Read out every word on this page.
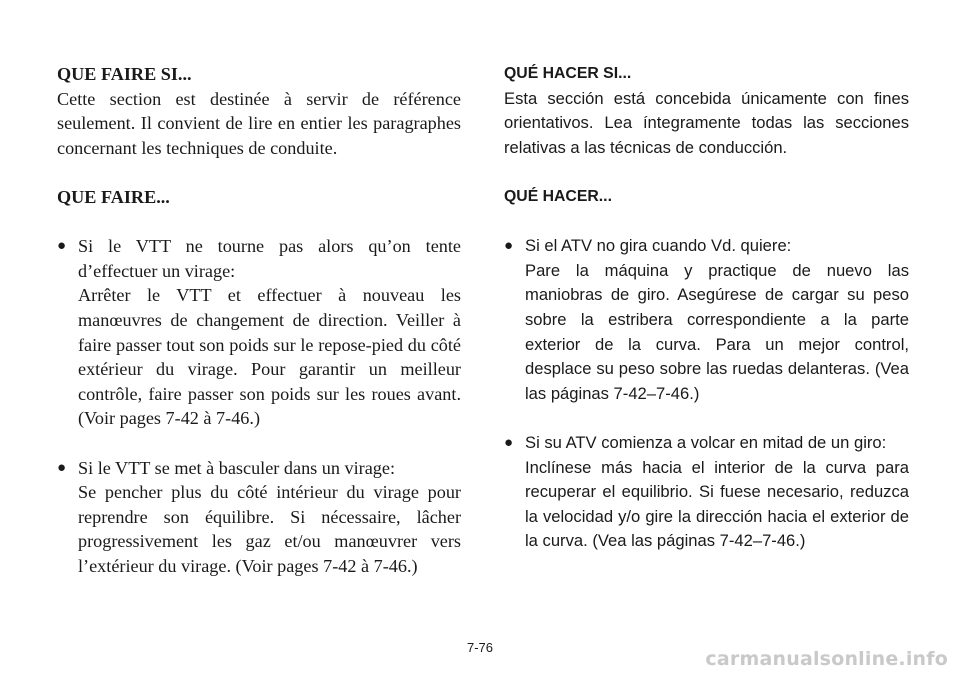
QUE FAIRE SI...

Cette section est destinée à servir de référence seulement. Il convient de lire en entier les paragraphes concernant les techniques de conduite.

QUE FAIRE...

● Si le VTT ne tourne pas alors qu’on tente d’effectuer un virage:

Arrêter le VTT et effectuer à nouveau les manœuvres de changement de direction. Veiller à faire passer tout son poids sur le repose-pied du côté extérieur du virage. Pour garantir un meilleur contrôle, faire passer son poids sur les roues avant. (Voir pages 7-42 à 7-46.)

● Si le VTT se met à basculer dans un virage:

Se pencher plus du côté intérieur du virage pour reprendre son équilibre. Si nécessaire, lâcher progressivement les gaz et/ou manœuvrer vers l’extérieur du virage. (Voir pages 7-42 à 7-46.)

QUÉ HACER SI...

Esta sección está concebida únicamente con fines orientativos. Lea íntegramente todas las secciones relativas a las técnicas de conducción.

QUÉ HACER...

● Si el ATV no gira cuando Vd. quiere:

Pare la máquina y practique de nuevo las maniobras de giro. Asegúrese de cargar su peso sobre la estribera correspondiente a la parte exterior de la curva. Para un mejor control, desplace su peso sobre las ruedas delanteras. (Vea las páginas 7-42–7-46.)

● Si su ATV comienza a volcar en mitad de un giro:

Inclínese más hacia el interior de la curva para recuperar el equilibrio. Si fuese necesario, reduzca la velocidad y/o gire la dirección hacia el exterior de la curva. (Vea las páginas 7-42–7-46.)

7-76
carmanualsonline.info
